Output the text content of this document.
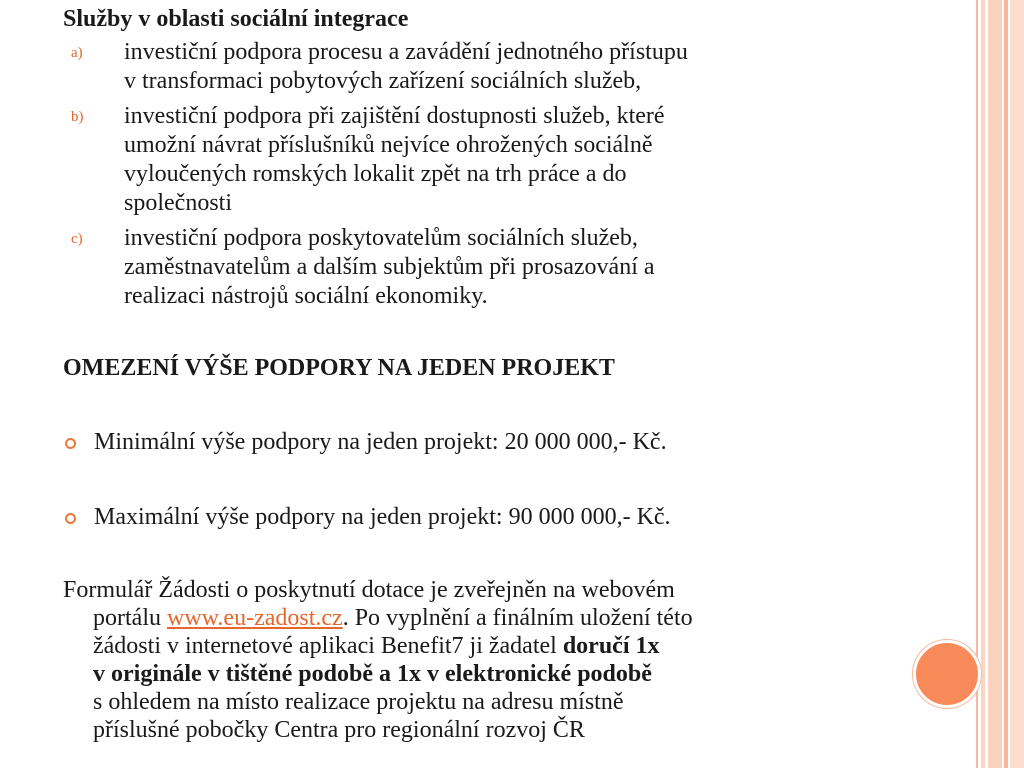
Služby v oblasti sociální integrace

a) investiční podpora procesu a zavádění jednotného přístupu
v transformaci pobytových zařízení sociálních služeb,
b) investiční podpora při zajištění dostupnosti služeb, které
umožní návrat příslušníků nejvíce ohrožených sociálně
vyloučených romských lokalit zpět na trh práce a do
společnosti
c) investiční podpora poskytovatelům sociálních služeb,
zaměstnavatelům a dalším subjektům při prosazování a
realizaci nástrojů sociální ekonomiky.

OMEZENÍ VÝŠE PODPORY NA JEDEN PROJEKT

Minimální výše podpory na jeden projekt: 20 000 000,- Kč.
Maximální výše podpory na jeden projekt: 90 000 000,- Kč.
Formulář Žádosti o poskytnutí dotace je zveřejněn na webovém
portálu www.eu-zadost.cz. Po vyplnění a finálním uložení této
žádosti v internetové aplikaci Benefit7 ji žadatel doručí 1x
v originále v tištěné podobě a 1x v elektronické podobě
s ohledem na místo realizace projektu na adresu místně
příslušné pobočky Centra pro regionální rozvoj ČR
